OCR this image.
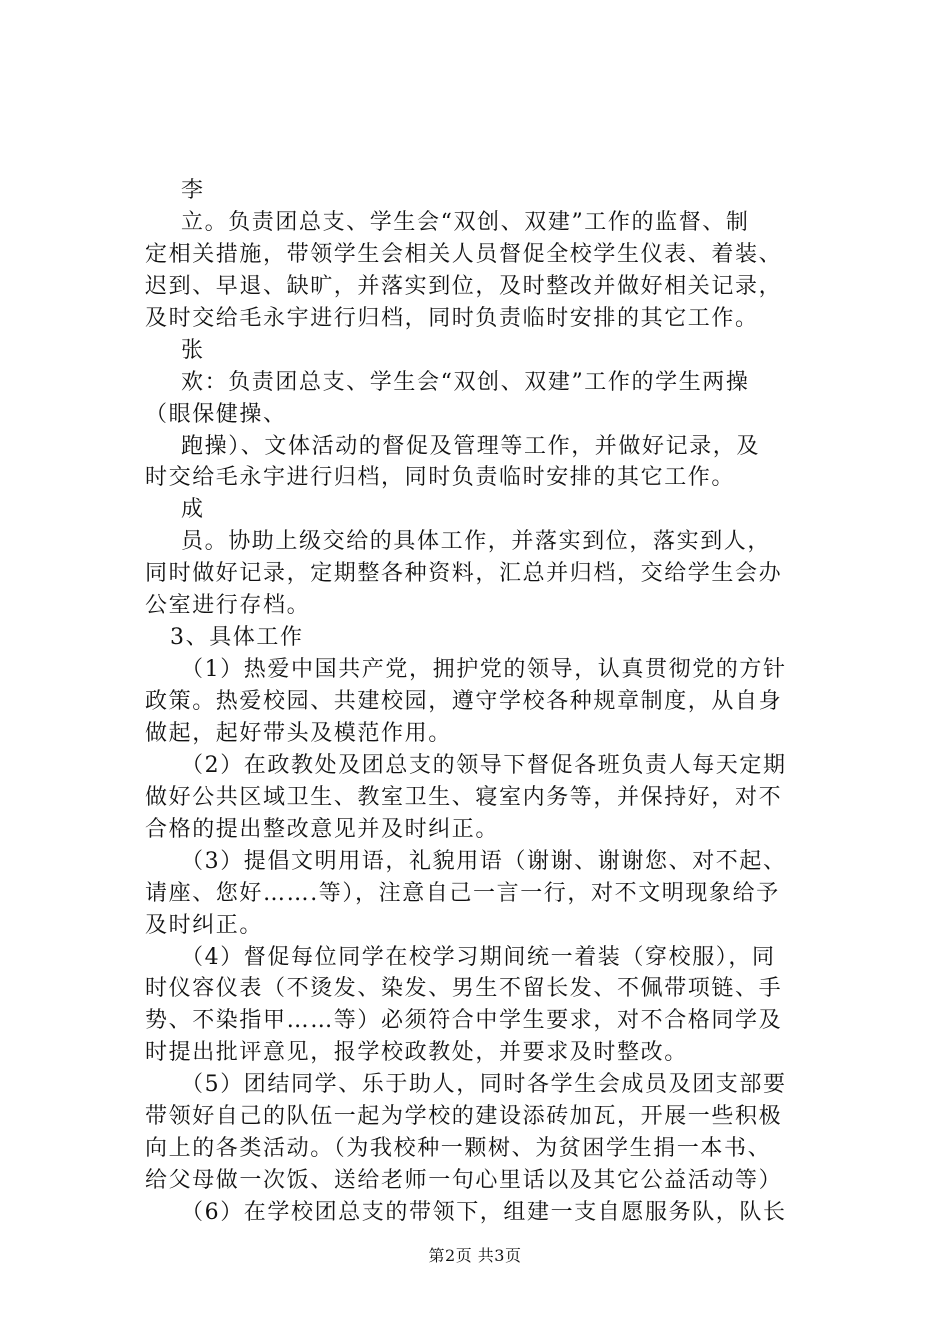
李
立。负责团总支、学生会“双创、双建”工作的监督、制
定相关措施，带领学生会相关人员督促全校学生仪表、着装、
迟到、早退、缺旷，并落实到位，及时整改并做好相关记录，
及时交给毛永宇进行归档，同时负责临时安排的其它工作。
张
欢：负责团总支、学生会“双创、双建”工作的学生两操
（眼保健操、
跑操）、文体活动的督促及管理等工作，并做好记录，及
时交给毛永宇进行归档，同时负责临时安排的其它工作。
成
员。协助上级交给的具体工作，并落实到位，落实到人，
同时做好记录，定期整各种资料，汇总并归档，交给学生会办
公室进行存档。
3、具体工作
（1）热爱中国共产党，拥护党的领导，认真贯彻党的方针
政策。热爱校园、共建校园，遵守学校各种规章制度，从自身
做起，起好带头及模范作用。
（2）在政教处及团总支的领导下督促各班负责人每天定期
做好公共区域卫生、教室卫生、寝室内务等，并保持好，对不
合格的提出整改意见并及时纠正。
（3）提倡文明用语，礼貌用语（谢谢、谢谢您、对不起、
请座、您好…….等），注意自己一言一行，对不文明现象给予
及时纠正。
（4）督促每位同学在校学习期间统一着装（穿校服），同
时仪容仪表（不烫发、染发、男生不留长发、不佩带项链、手
势、不染指甲……等）必须符合中学生要求，对不合格同学及
时提出批评意见，报学校政教处，并要求及时整改。
（5）团结同学、乐于助人，同时各学生会成员及团支部要
带领好自己的队伍一起为学校的建设添砖加瓦，开展一些积极
向上的各类活动。（为我校种一颗树、为贫困学生捐一本书、
给父母做一次饭、送给老师一句心里话以及其它公益活动等）
（6）在学校团总支的带领下，组建一支自愿服务队，队长
第2页 共3页
